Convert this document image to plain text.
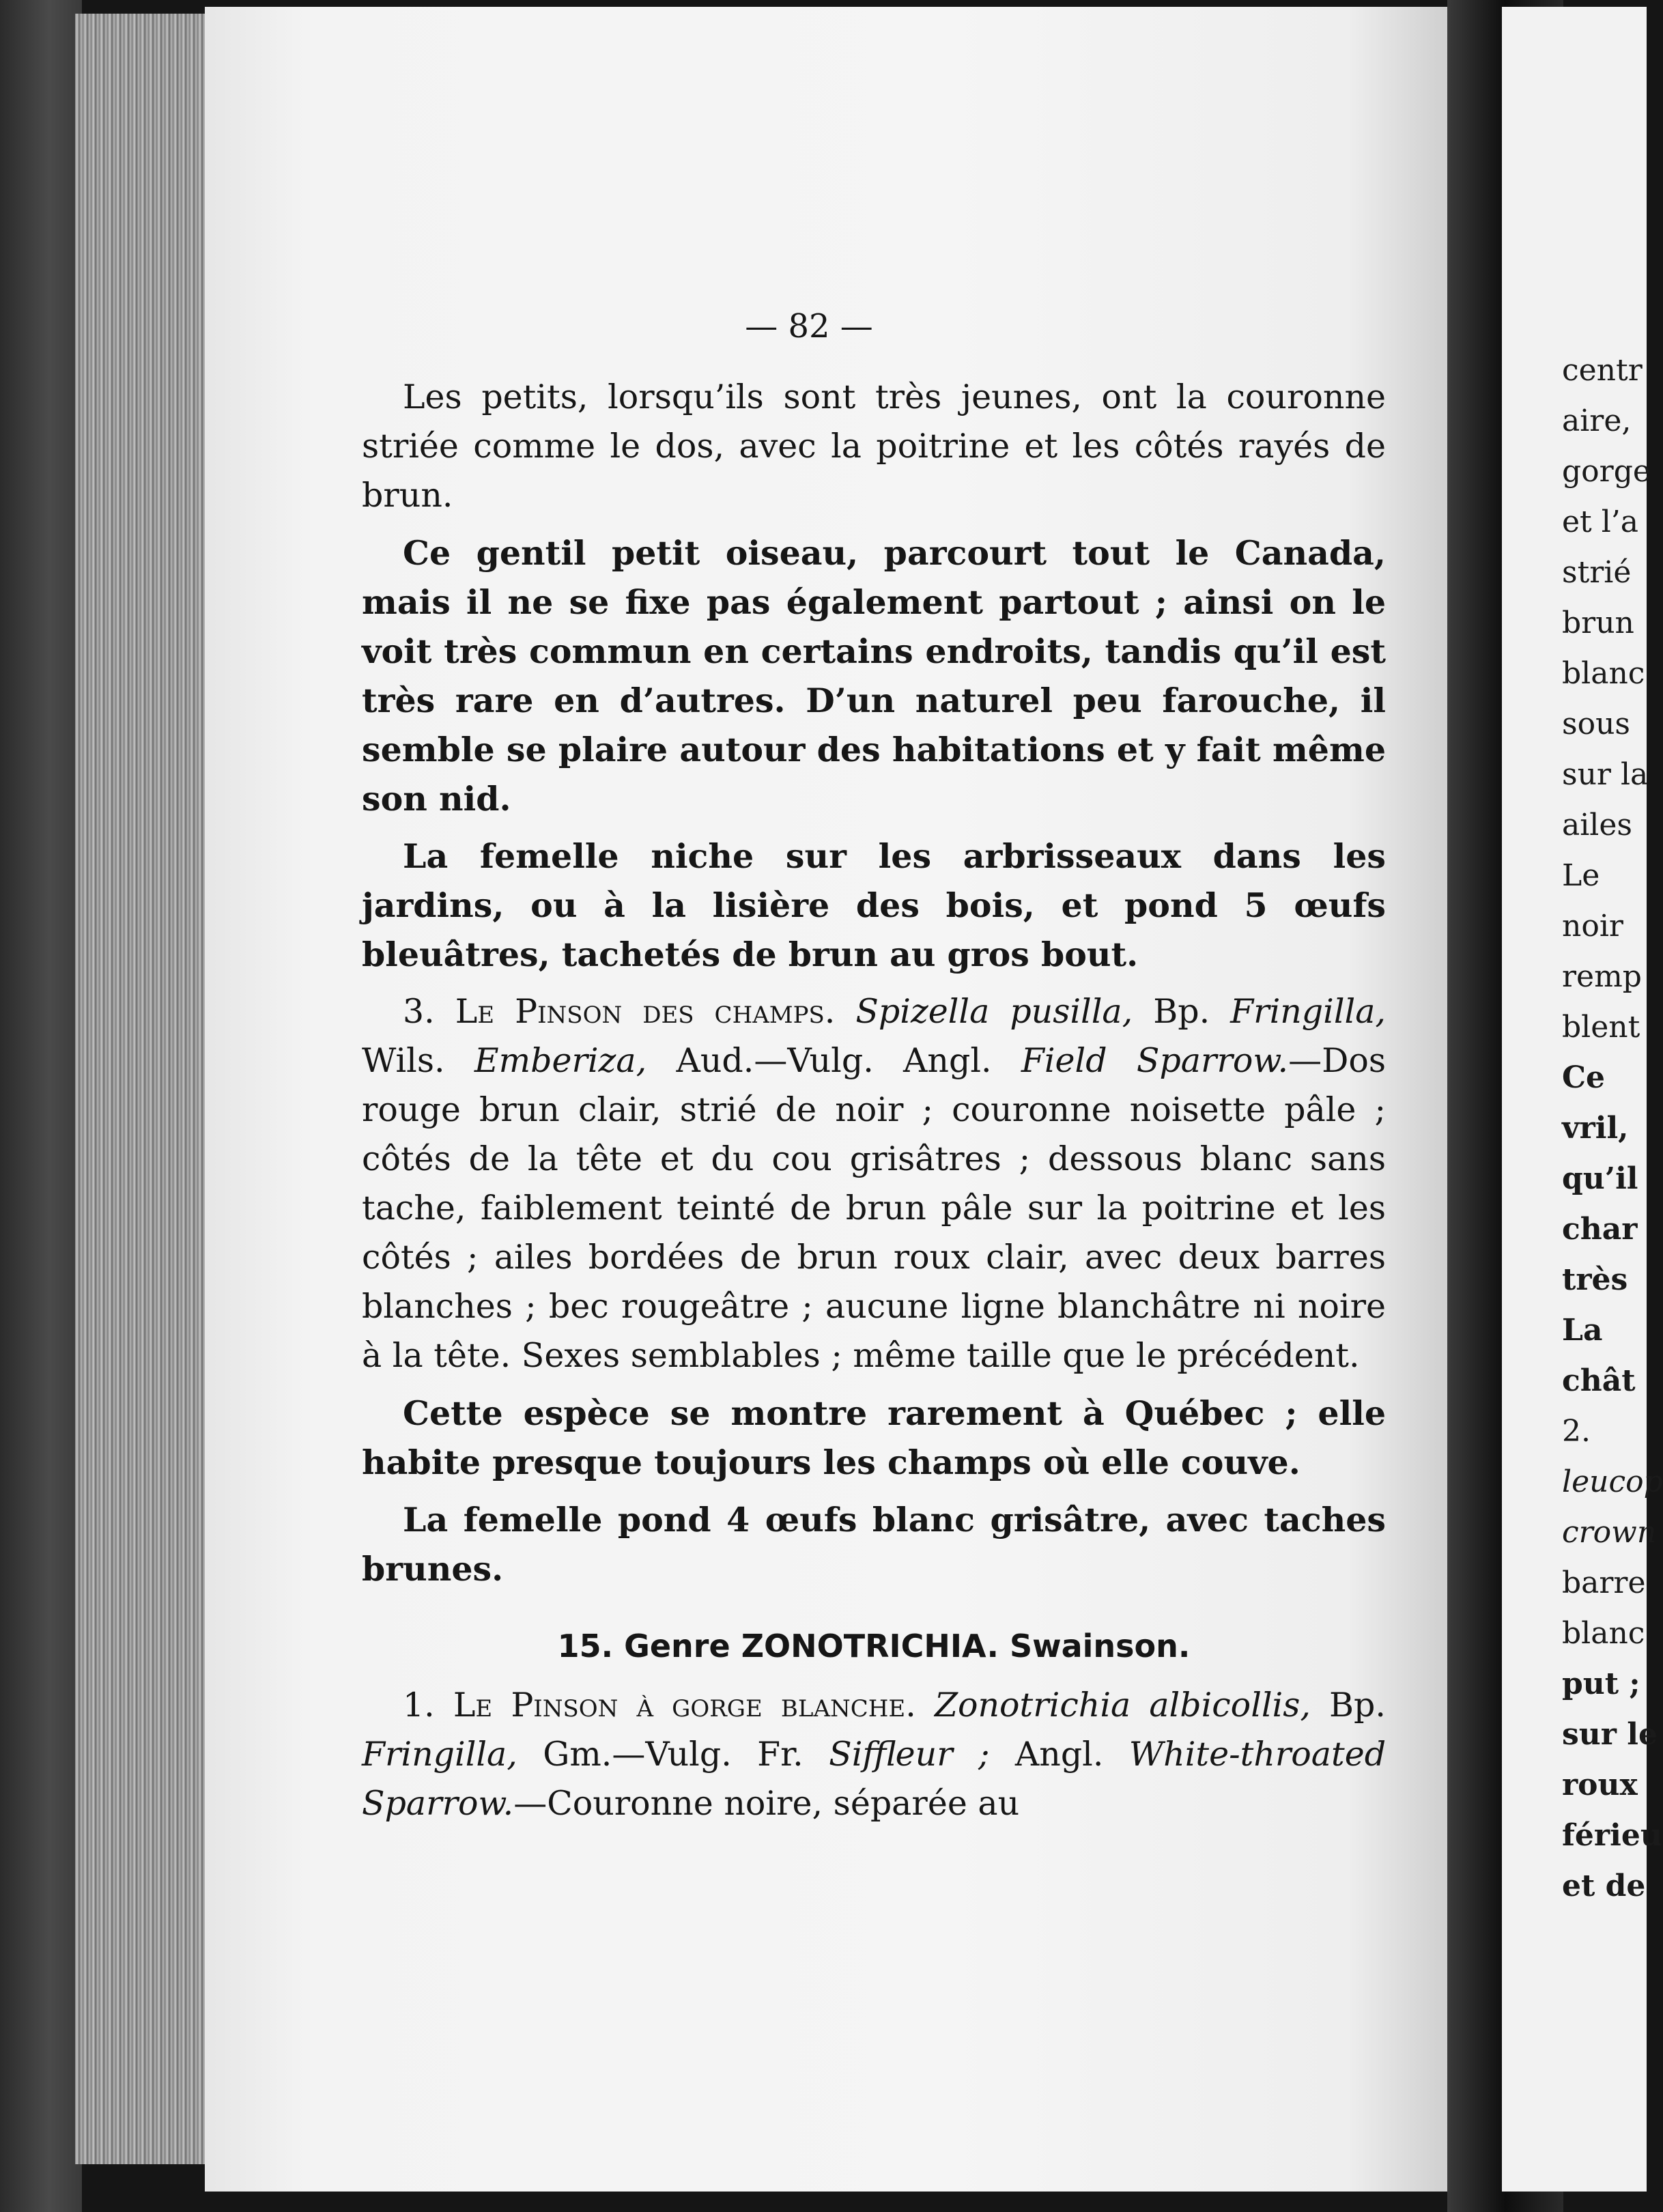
— 82 —

Les petits, lorsqu’ils sont très jeunes, ont la couronne striée comme le dos, avec la poitrine et les côtés rayés de brun.

Ce gentil petit oiseau, parcourt tout le Canada, mais il ne se fixe pas également partout ; ainsi on le voit très commun en certains endroits, tandis qu’il est très rare en d’autres. D’un naturel peu farouche, il semble se plaire autour des habitations et y fait même son nid.

La femelle niche sur les arbrisseaux dans les jardins, ou à la lisière des bois, et pond 5 œufs bleuâtres, tachetés de brun au gros bout.

3. Le Pinson des champs. Spizella pusilla, Bp. Fringilla, Wils. Emberiza, Aud.—Vulg. Angl. Field Sparrow.—Dos rouge brun clair, strié de noir ; couronne noisette pâle ; côtés de la tête et du cou grisâtres ; dessous blanc sans tache, faiblement teinté de brun pâle sur la poitrine et les côtés ; ailes bordées de brun roux clair, avec deux barres blanches ; bec rougeâtre ; aucune ligne blanchâtre ni noire à la tête. Sexes semblables ; même taille que le précédent.

Cette espèce se montre rarement à Québec ; elle habite presque toujours les champs où elle couve.

La femelle pond 4 œufs blanc grisâtre, avec taches brunes.

15. Genre ZONOTRICHIA. Swainson.

1. Le Pinson à gorge blanche. Zonotrichia albicollis, Bp. Fringilla, Gm.—Vulg. Fr. Siffleur ; Angl. White-throated Sparrow.—Couronne noire, séparée au

centr
aire,
gorge
et l’a
strié
brun
blanc
sous
sur la
ailes
Le
noir
remp
blent
Ce
vril,
qu’il
char
très
La
chât
2.
leucop
crown
barre
blanc
put ;
sur le
roux
férieu
et de
